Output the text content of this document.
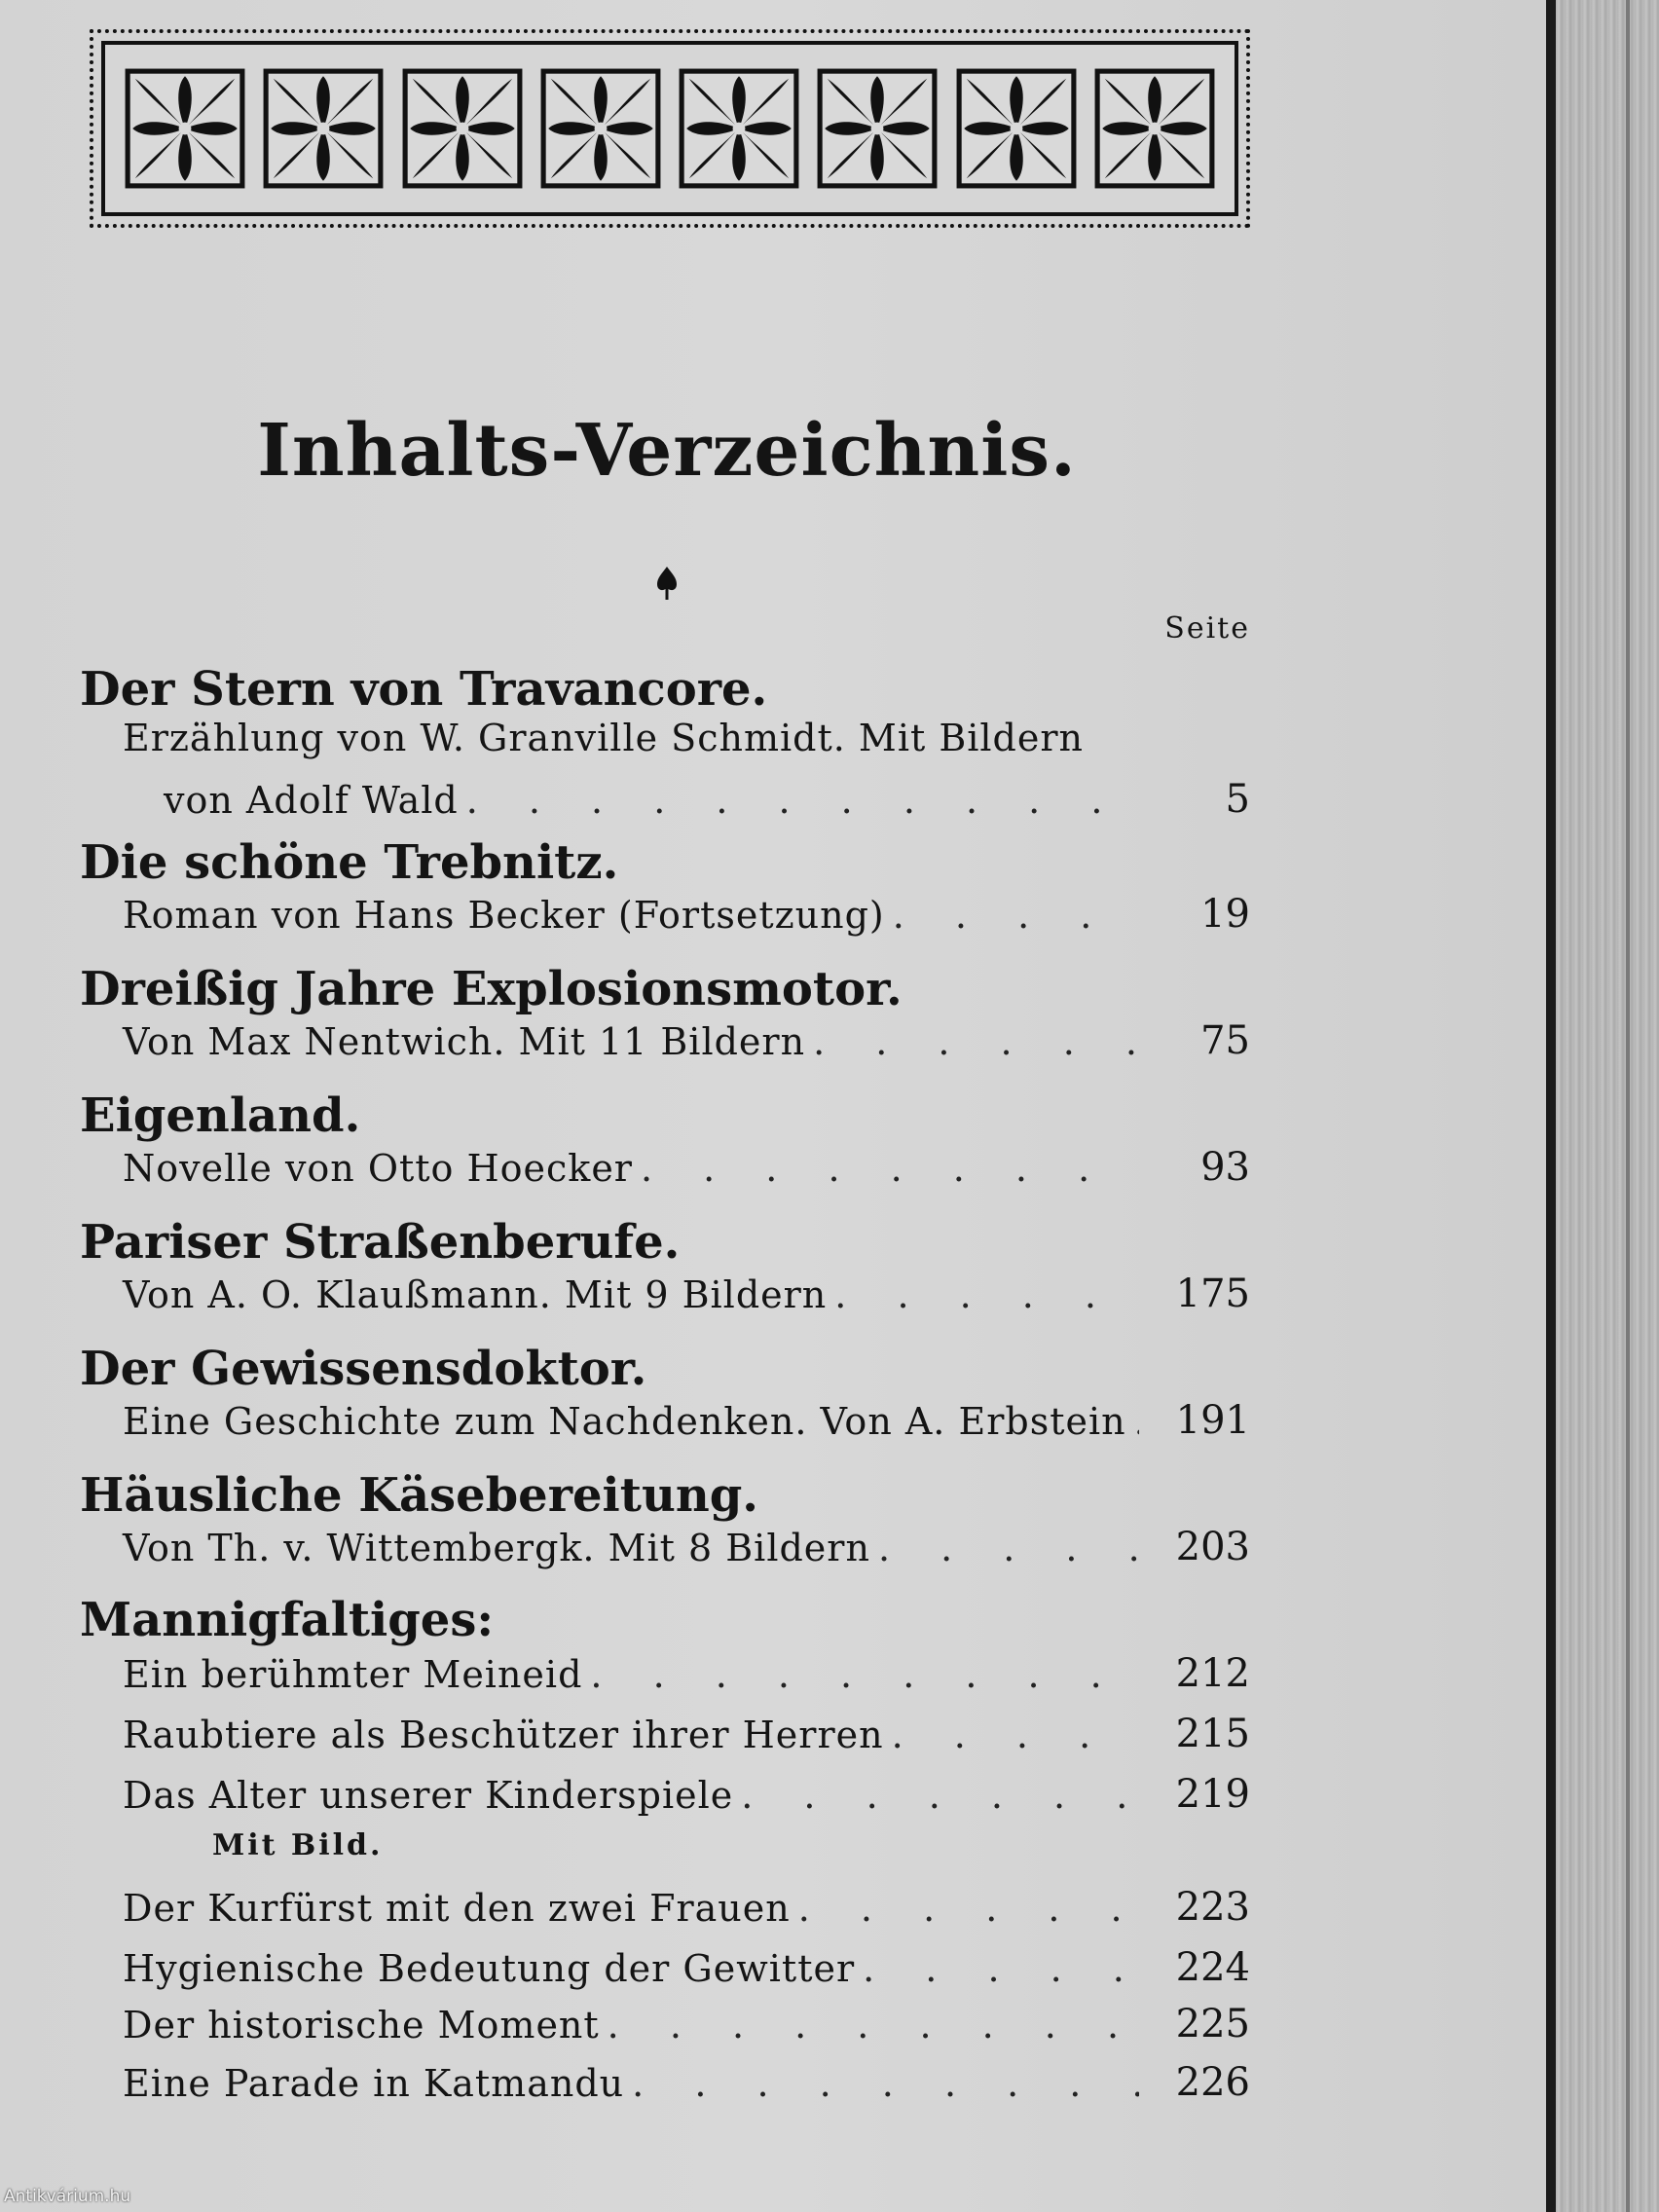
Inhalts-Verzeichnis.
Seite
Der Stern von Travancore.
Erzählung von W. Granville Schmidt. Mit Bildern
5
von Adolf Wald
. . .
Die schöne Trebnitz.
19
Roman von Hans Becker (Fortsetzung)
. . .
Dreißig Jahre Explosionsmotor.
75
Von Max Nentwich. Mit 11 Bildern
. . .
Eigenland.
93
Novelle von Otto Hoecker
. . .
Pariser Straßenberufe.
175
Von A. O. Klaußmann. Mit 9 Bildern
. . .
Der Gewissensdoktor.
191
Eine Geschichte zum Nachdenken. Von A. Erbstein
. . .
Häusliche Käsebereitung.
203
Von Th. v. Wittembergk. Mit 8 Bildern
. . .
Mannigfaltiges:
212
Ein berühmter Meineid
. . .
215
Raubtiere als Beschützer ihrer Herren
. . .
219
Das Alter unserer Kinderspiele
. . .
Mit Bild.
223
Der Kurfürst mit den zwei Frauen
. . .
224
Hygienische Bedeutung der Gewitter
. . .
225
Der historische Moment
. . .
226
Eine Parade in Katmandu
. . .
Antikvárium.hu
